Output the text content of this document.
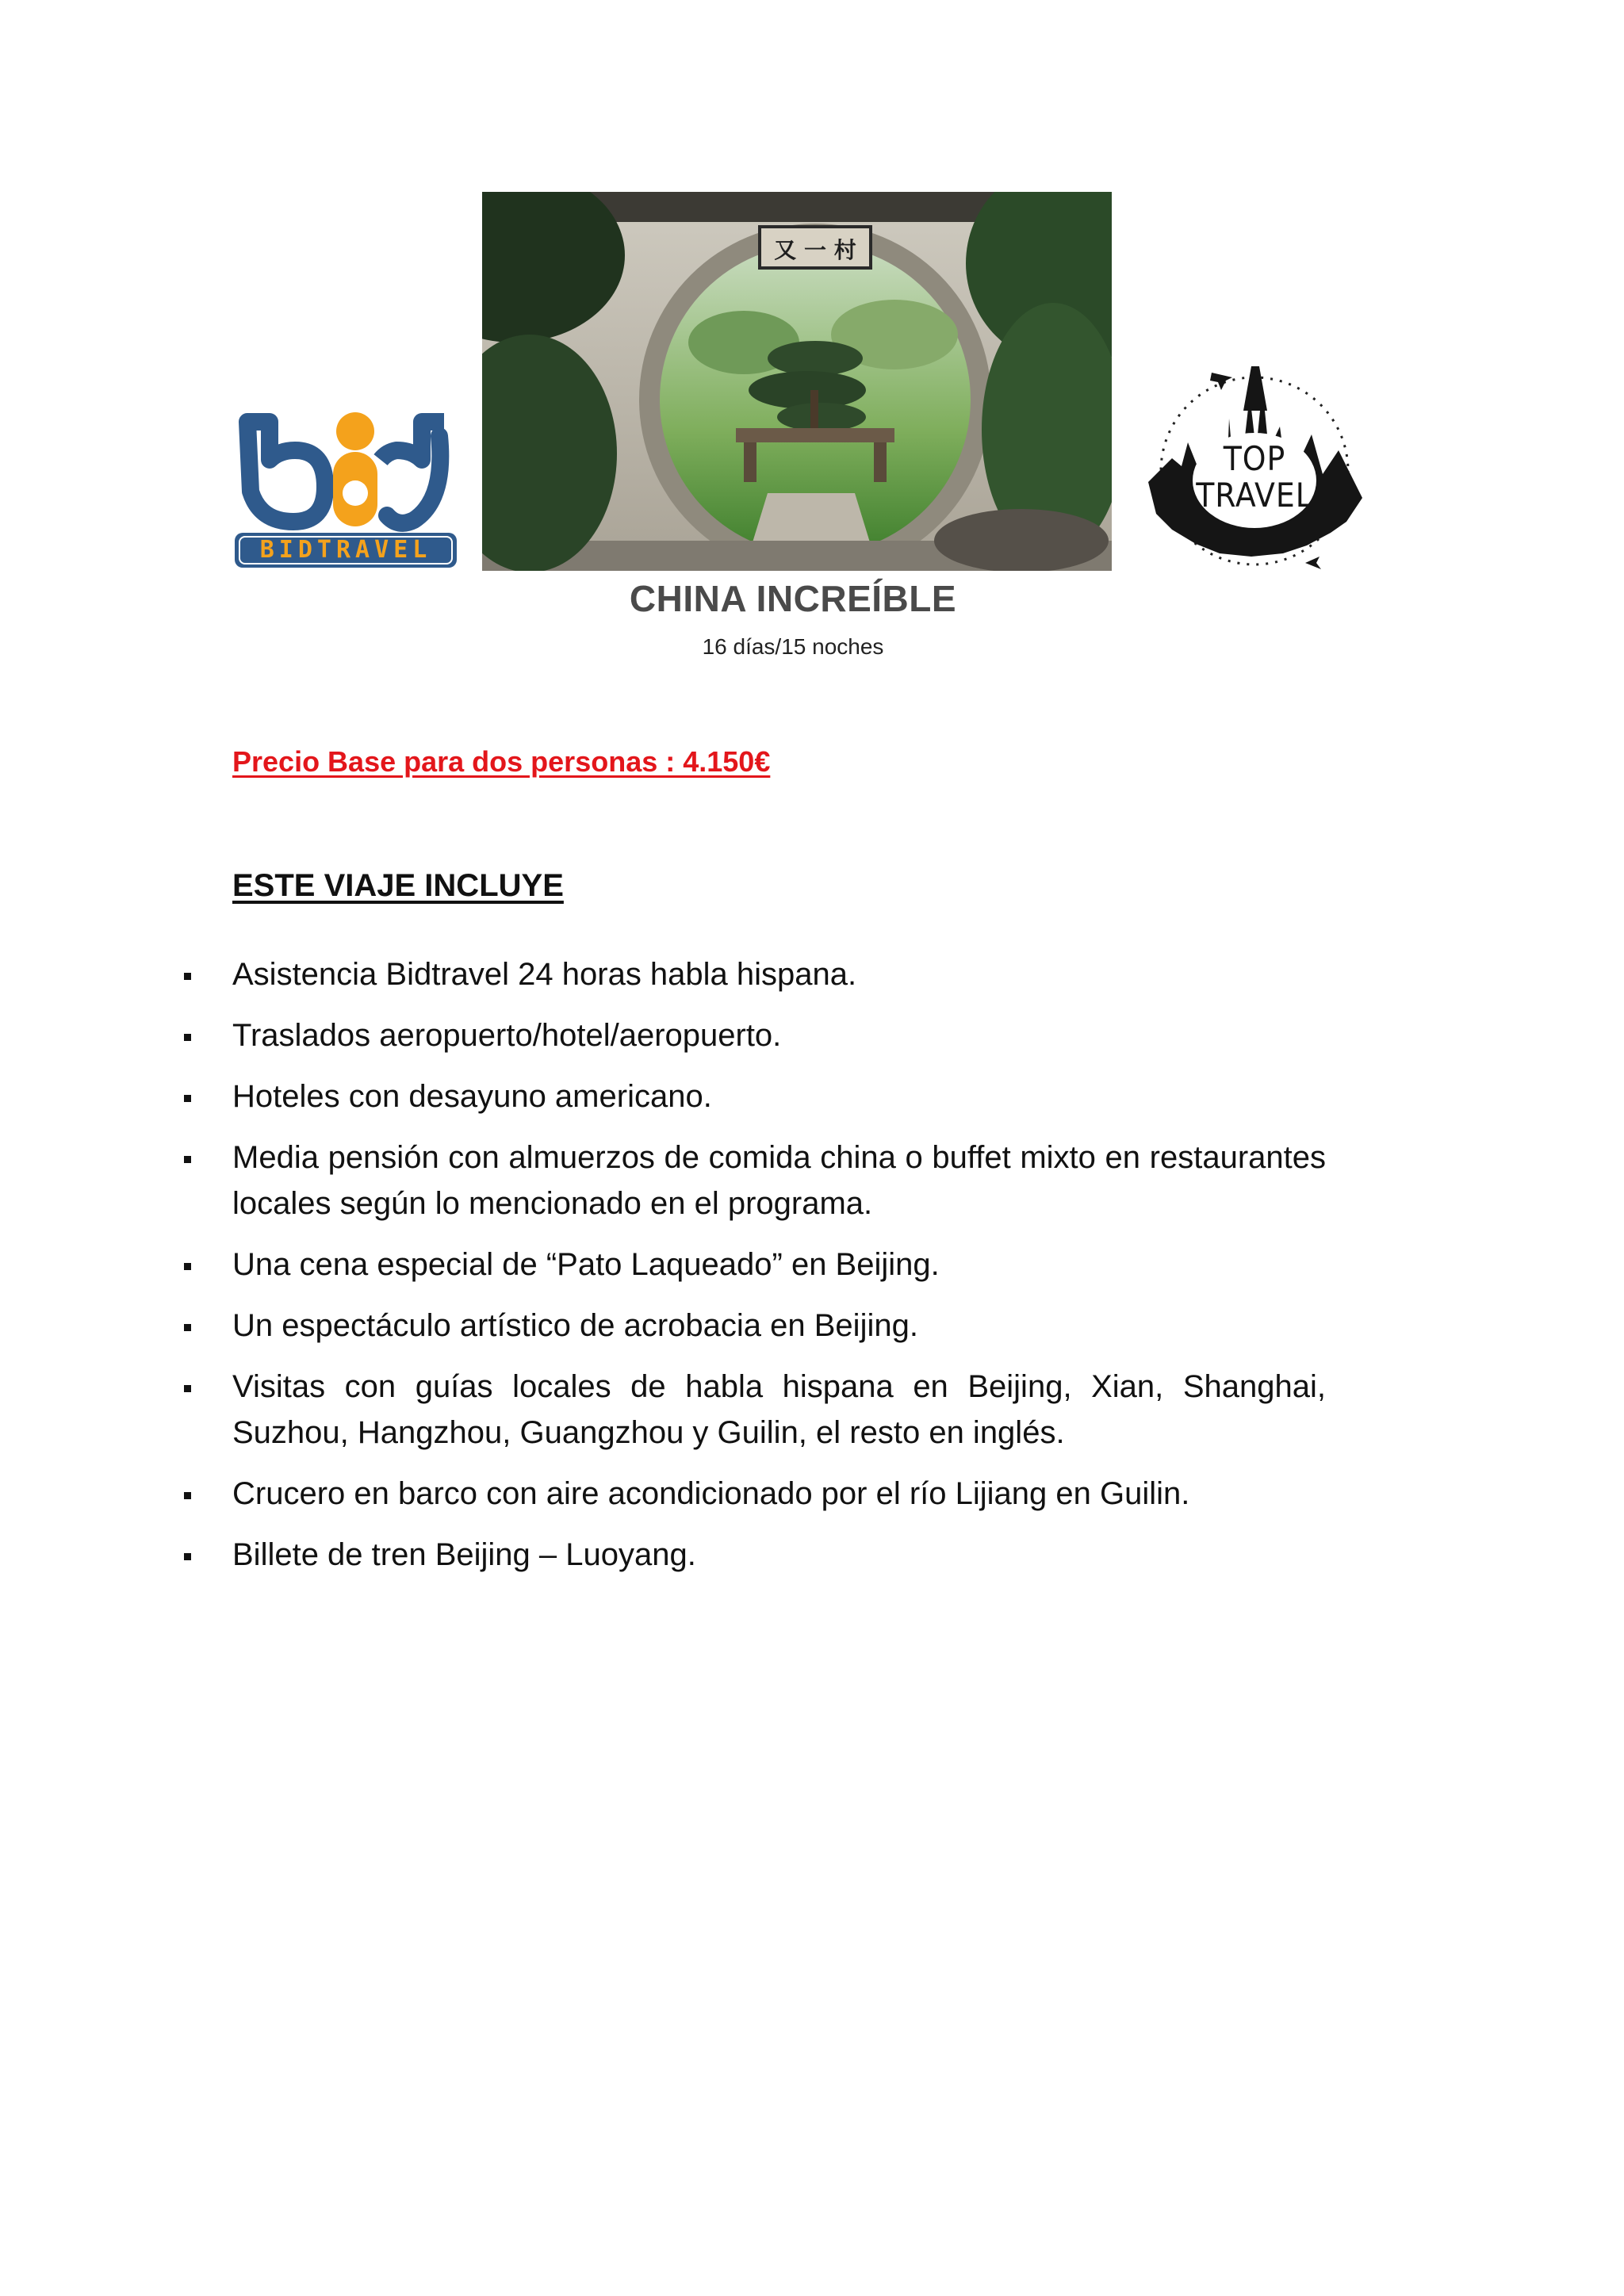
BIDTRAVEL
又 一 村
TOP
TRAVEL
CHINA INCREÍBLE
16 días/15 noches
Precio Base para dos personas : 4.150€
ESTE VIAJE INCLUYE
Asistencia Bidtravel 24 horas habla hispana.
Traslados aeropuerto/hotel/aeropuerto.
Hoteles con desayuno americano.
Media pensión con almuerzos de comida china o buffet mixto en restaurantes locales según lo mencionado en el programa.
Una cena especial de “Pato Laqueado” en Beijing.
Un espectáculo artístico de acrobacia en Beijing.
Visitas con guías locales de habla hispana en Beijing, Xian, Shanghai, Suzhou, Hangzhou, Guangzhou y Guilin, el resto en inglés.
Crucero en barco con aire acondicionado por el río Lijiang en Guilin.
Billete de tren Beijing – Luoyang.
